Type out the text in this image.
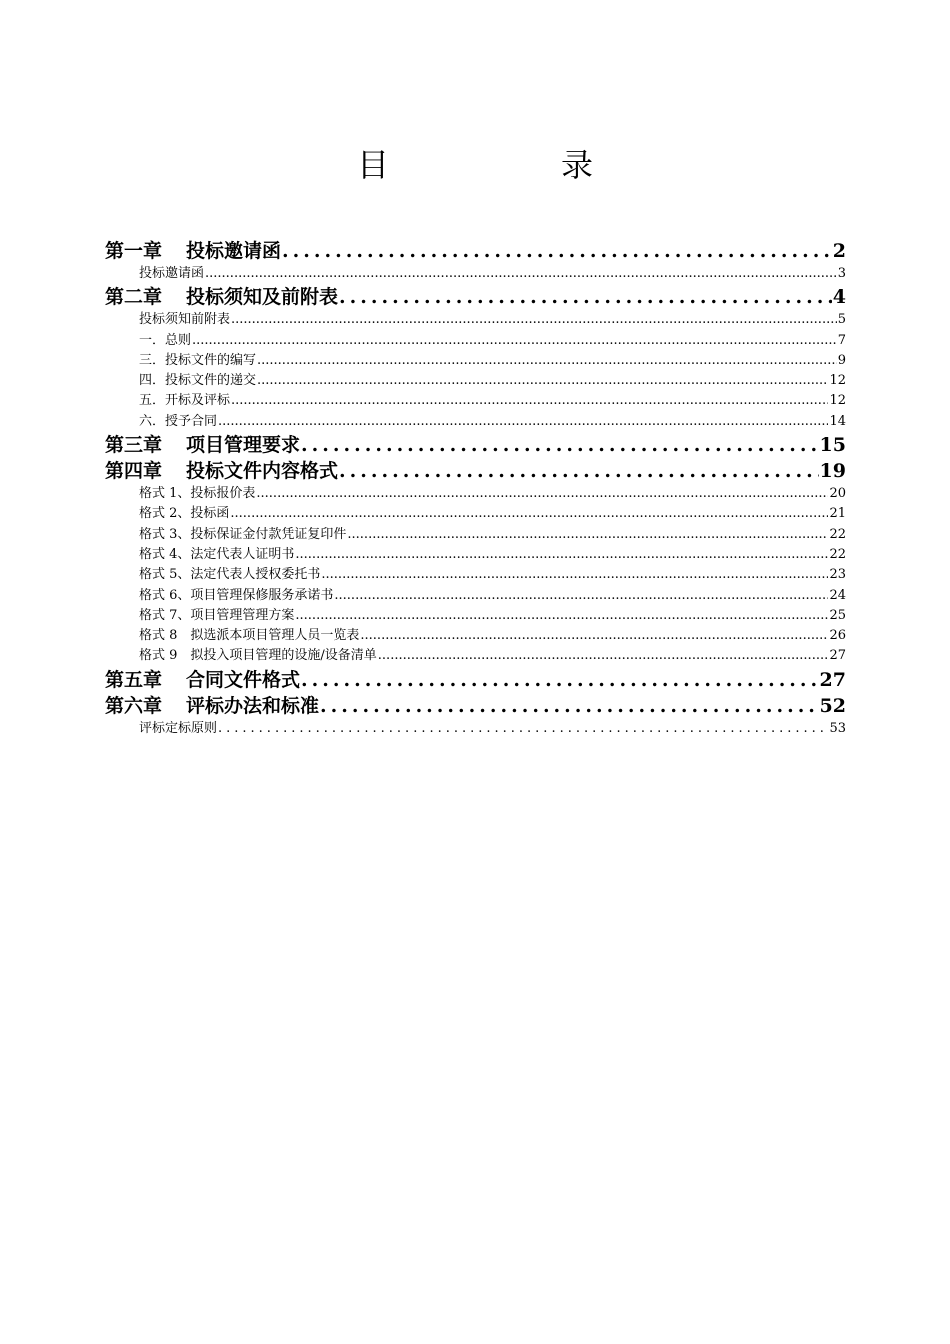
目　录
第一章 投标邀请函 .....	2
投标邀请函 .....	3
第二章 投标须知及前附表 .....	4
投标须知前附表 .....	5
一．总则 .....	7
三．投标文件的编写 .....	9
四．投标文件的递交 .....	12
五．开标及评标 .....	12
六．授予合同 .....	14
第三章 项目管理要求 .....	15
第四章 投标文件内容格式 .....	19
格式 1、投标报价表 .....	20
格式 2、投标函 .....	21
格式 3、投标保证金付款凭证复印件 .....	22
格式 4、法定代表人证明书 .....	22
格式 5、法定代表人授权委托书 .....	23
格式 6、项目管理保修服务承诺书 .....	24
格式 7、项目管理管理方案 .....	25
格式 8　拟选派本项目管理人员一览表 .....	26
格式 9　拟投入项目管理的设施/设备清单 .....	27
第五章 合同文件格式 .....	27
第六章 评标办法和标准 .....	52
评标定标原则 .....	53
